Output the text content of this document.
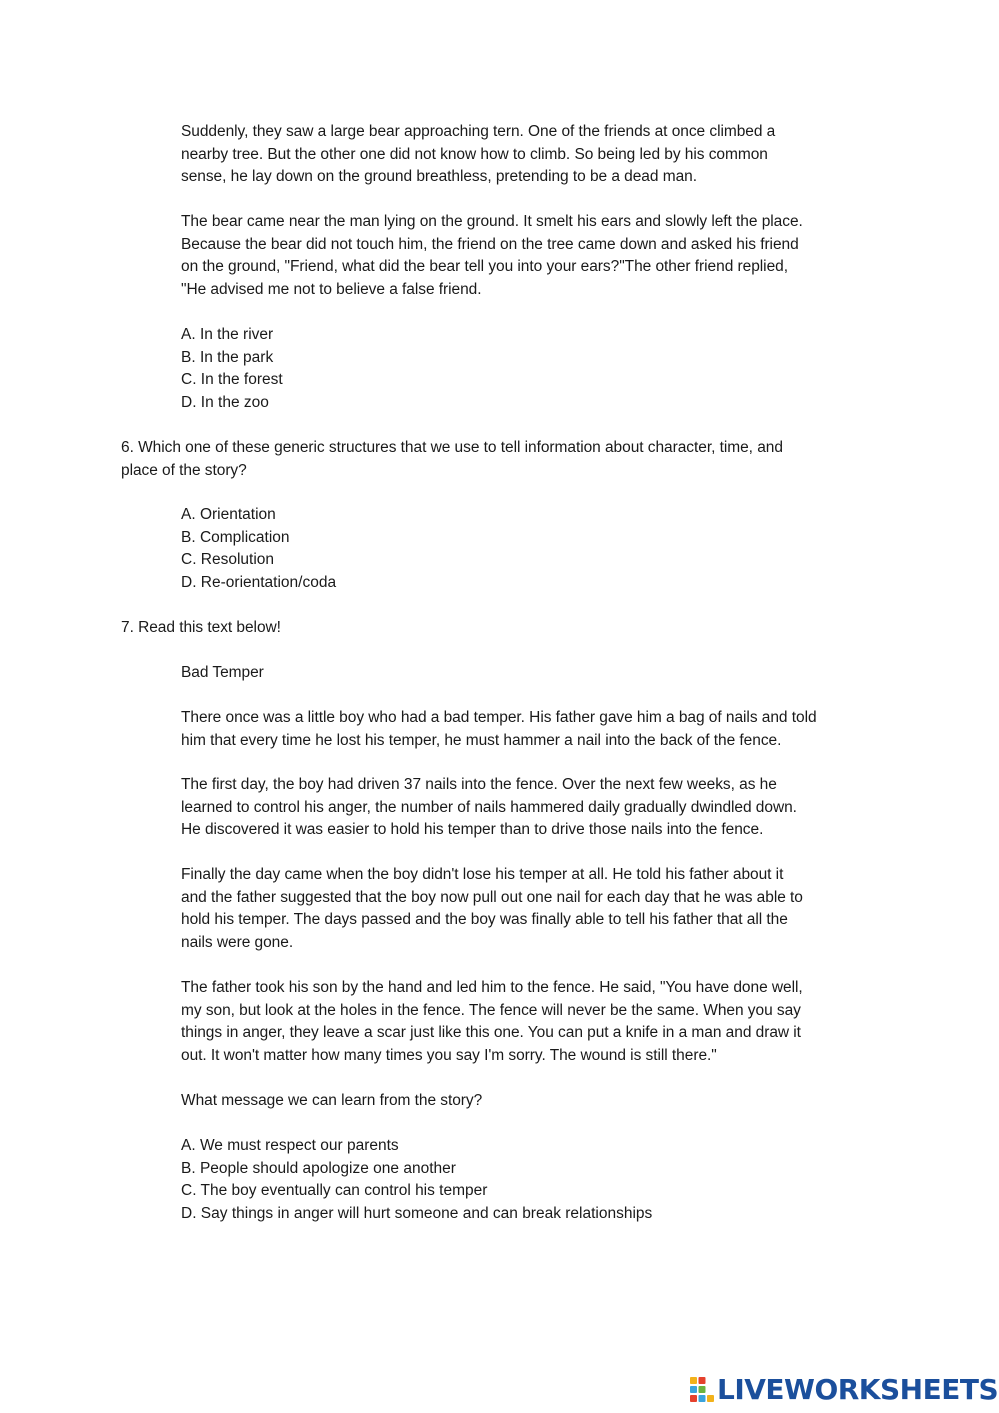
Suddenly, they saw a large bear approaching tern. One of the friends at once climbed a
nearby tree. But the other one did not know how to climb. So being led by his common
sense, he lay down on the ground breathless, pretending to be a dead man.

The bear came near the man lying on the ground. It smelt his ears and slowly left the place.
Because the bear did not touch him, the friend on the tree came down and asked his friend
on the ground, "Friend, what did the bear tell you into your ears?"The other friend replied,
"He advised me not to believe a false friend.

A. In the river
B. In the park
C. In the forest
D. In the zoo

6. Which one of these generic structures that we use to tell information about character, time, and
place of the story?

A. Orientation
B. Complication
C. Resolution
D. Re-orientation/coda

7. Read this text below!

Bad Temper

There once was a little boy who had a bad temper. His father gave him a bag of nails and told
him that every time he lost his temper, he must hammer a nail into the back of the fence.

The first day, the boy had driven 37 nails into the fence. Over the next few weeks, as he
learned to control his anger, the number of nails hammered daily gradually dwindled down.
He discovered it was easier to hold his temper than to drive those nails into the fence.

Finally the day came when the boy didn't lose his temper at all. He told his father about it
and the father suggested that the boy now pull out one nail for each day that he was able to
hold his temper. The days passed and the boy was finally able to tell his father that all the
nails were gone.

The father took his son by the hand and led him to the fence. He said, "You have done well,
my son, but look at the holes in the fence. The fence will never be the same. When you say
things in anger, they leave a scar just like this one. You can put a knife in a man and draw it
out. It won't matter how many times you say I'm sorry. The wound is still there."

What message we can learn from the story?

A. We must respect our parents
B. People should apologize one another
C. The boy eventually can control his temper
D. Say things in anger will hurt someone and can break relationships
LIVEWORKSHEETS
